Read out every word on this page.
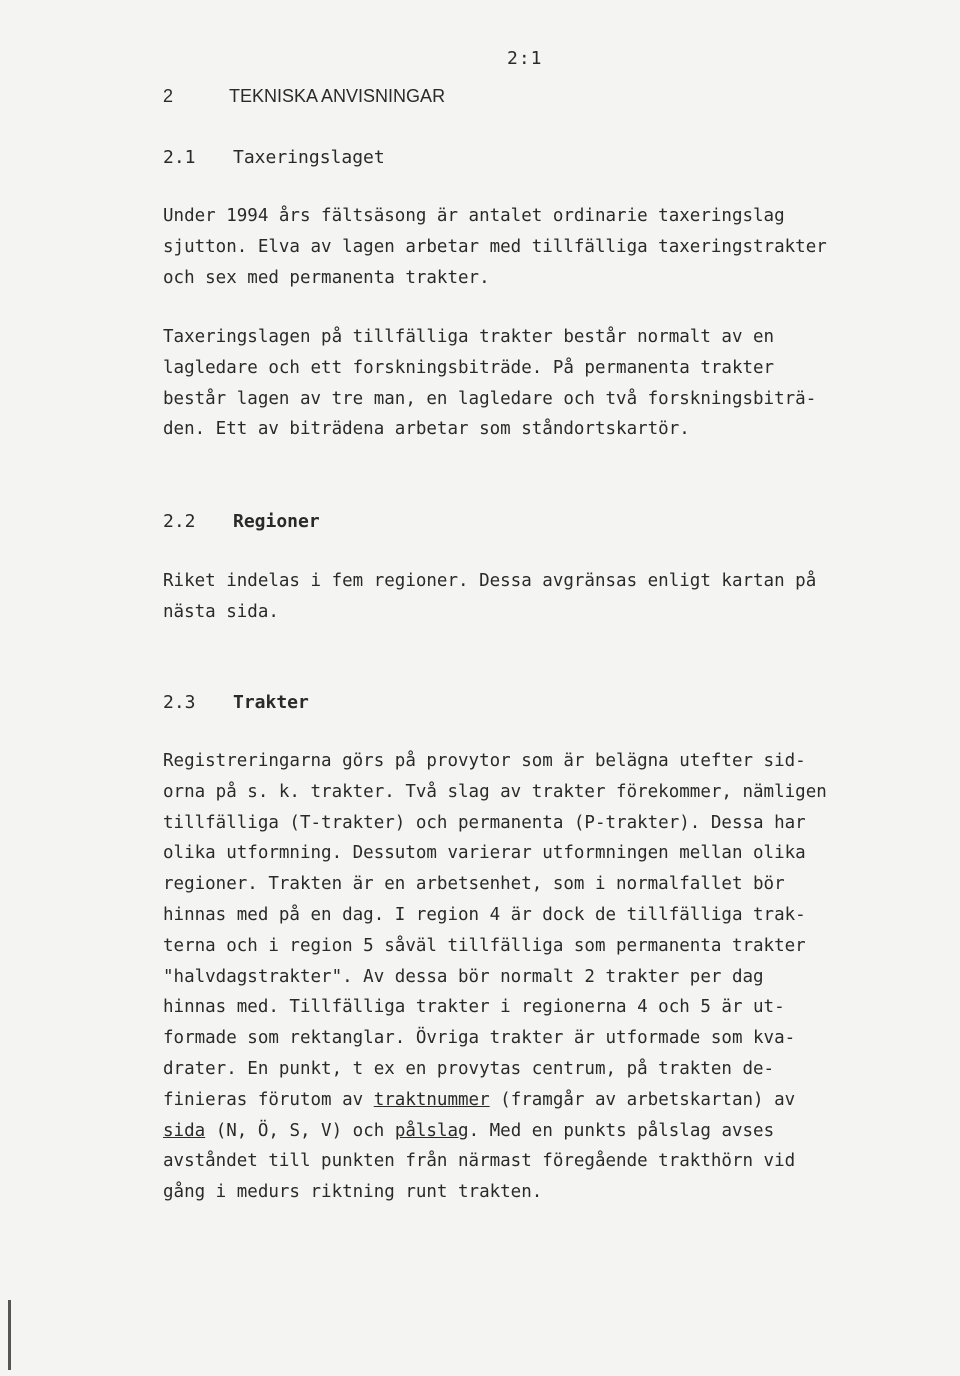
2:1
2	TEKNISKA ANVISNINGAR
2.1 Taxeringslaget
Under 1994 års fältsäsong är antalet ordinarie taxeringslag
sjutton. Elva av lagen arbetar med tillfälliga taxeringstrakter
och sex med permanenta trakter.
Taxeringslagen på tillfälliga trakter består normalt av en
lagledare och ett forskningsbiträde. På permanenta trakter
består lagen av tre man, en lagledare och två forskningsbiträ-
den. Ett av biträdena arbetar som ståndortskartör.
2.2 Regioner
Riket indelas i fem regioner. Dessa avgränsas enligt kartan på
nästa sida.
2.3 Trakter
Registreringarna görs på provytor som är belägna utefter sid-
orna på s. k. trakter. Två slag av trakter förekommer, nämligen
tillfälliga (T-trakter) och permanenta (P-trakter). Dessa har
olika utformning. Dessutom varierar utformningen mellan olika
regioner. Trakten är en arbetsenhet, som i normalfallet bör
hinnas med på en dag. I region 4 är dock de tillfälliga trak-
terna och i region 5 såväl tillfälliga som permanenta trakter
"halvdagstrakter". Av dessa bör normalt 2 trakter per dag
hinnas med. Tillfälliga trakter i regionerna 4 och 5 är ut-
formade som rektanglar. Övriga trakter är utformade som kva-
drater. En punkt, t ex en provytas centrum, på trakten de-
finieras förutom av traktnummer (framgår av arbetskartan) av
sida (N, Ö, S, V) och pålslag. Med en punkts pålslag avses
avståndet till punkten från närmast föregående trakthörn vid
gång i medurs riktning runt trakten.
